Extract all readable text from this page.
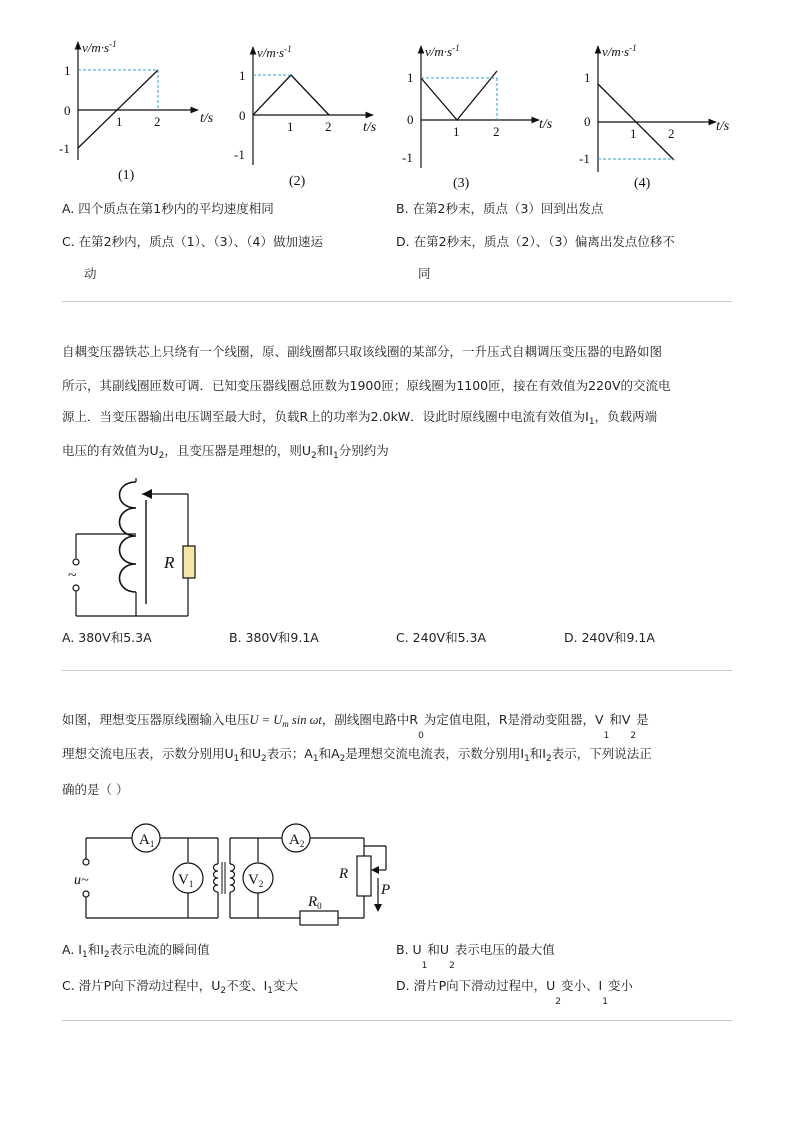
$v/m\cdot s^{-1}$
t/s
1
0
-1
1 2
(1)
$v/m\cdot s^{-1}$
t/s
1
0
-1
1 2
(2)
$v/m\cdot s^{-1}$
t/s
1
0
-1
1	2
(3)
$v/m\cdot s^{-1}$
t/s
1
0
-1
1 2
(4)
A. 四个质点在第1秒内的平均速度相同	B. 在第2秒末，质点（3）回到出发点
C. 在第2秒内，质点（1）、（3）、（4）做加速运
动
D. 在第2秒末，质点（2）、（3）偏离出发点位移不
同
自耦变压器铁芯上只绕有一个线圈，原、副线圈都只取该线圈的某部分，一升压式自耦调压变压器的电路如图
所示，其副线圈匝数可调．已知变压器线圈总匝数为1900匝；原线圈为1100匝，接在有效值为220V的交流电
源上．当变压器输出电压调至最大时，负载R上的功率为2.0kW．设此时原线圈中电流有效值为$I_1$，负载两端
电压的有效值为$U_2$，且变压器是理想的，则$U_2$和$I_1$分别约为
R
~
A. 380V和5.3A	B. 380V和9.1A	C. 240V和5.3A	D. 240V和9.1A
如图，理想变压器原线圈输入电压$U = U_m$ sin ωt，副线圈电路中$R_0$为定值电阻，R是滑动变阻器，$V_1$和$V_2$是
理想交流电压表，示数分别用$U_1$和$U_2$表示；$A_1$和$A_2$是理想交流电流表，示数分别用$I_1$和$I_2$表示，下列说法正
确的是（ ）
u~
$A_1$
$V_1$
$A_2$
$V_2$
$R_0$
R
P
A. $I_1$和$I_2$表示电流的瞬间值	B. $U_1$和$U_2$表示电压的最大值
C. 滑片P向下滑动过程中，$U_2$不变、$I_1$变大	D. 滑片P向下滑动过程中，$U_2$变小、$I_1$变小
